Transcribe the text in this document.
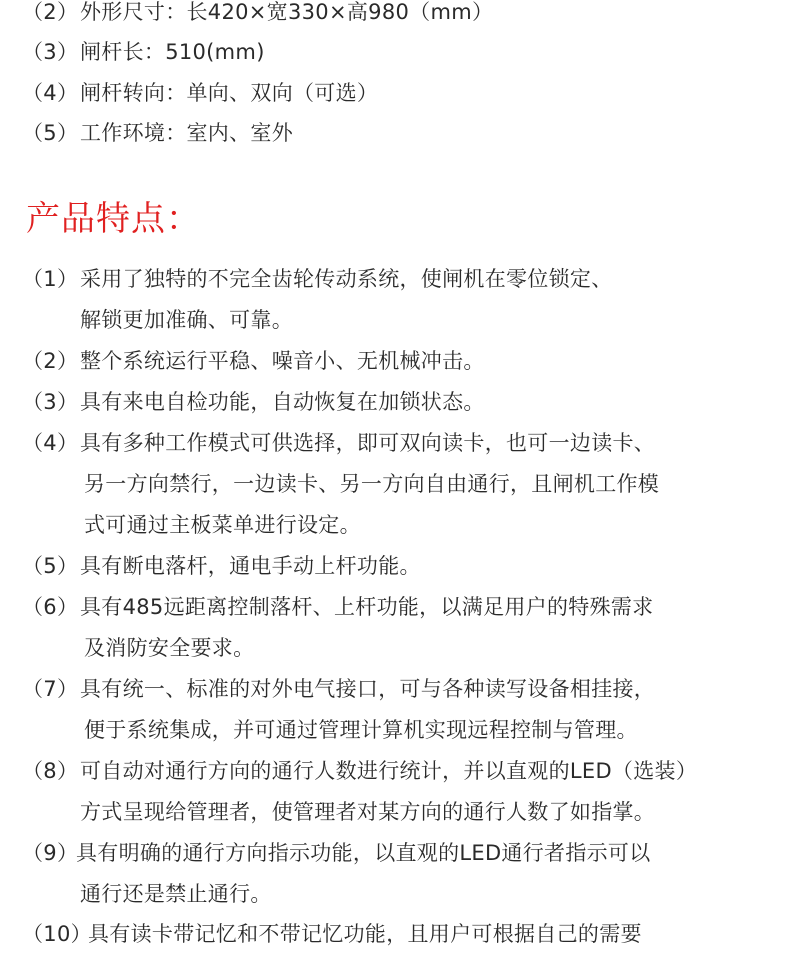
（2） 外形尺寸：长420×宽330×高980（mm）
（3） 闸杆长：510(mm)
（4） 闸杆转向：单向、双向（可选）
（5） 工作环境：室内、室外
产品特点：
（1） 采用了独特的不完全齿轮传动系统，使闸机在零位锁定、
解锁更加准确、可靠。
（2） 整个系统运行平稳、噪音小、无机械冲击。
（3） 具有来电自检功能，自动恢复在加锁状态。
（4） 具有多种工作模式可供选择，即可双向读卡，也可一边读卡、
另一方向禁行，一边读卡、另一方向自由通行，且闸机工作模
式可通过主板菜单进行设定。
（5） 具有断电落杆，通电手动上杆功能。
（6） 具有485远距离控制落杆、上杆功能，以满足用户的特殊需求
及消防安全要求。
（7） 具有统一、标准的对外电气接口，可与各种读写设备相挂接，
便于系统集成，并可通过管理计算机实现远程控制与管理。
（8） 可自动对通行方向的通行人数进行统计，并以直观的LED（选装）
方式呈现给管理者，使管理者对某方向的通行人数了如指掌。
（9）
具有明确的通行方向指示功能，以直观的LED通行者指示可以
通行还是禁止通行。
（10）
具有读卡带记忆和不带记忆功能，且用户可根据自己的需要
